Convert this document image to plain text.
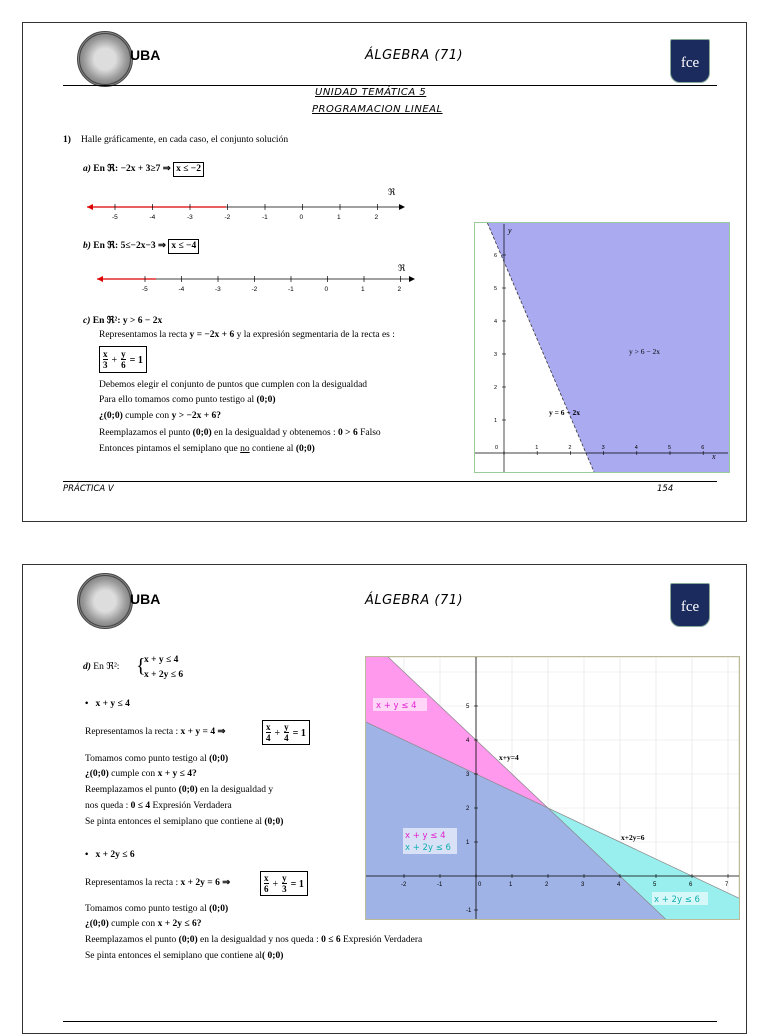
UBA	ÁLGEBRA (71)	fce
UNIDAD TEMÁTICA 5
PROGRAMACION LINEAL
1) Halle gráficamente, en cada caso, el conjunto solución
a) En ℜ: −2x + 3≥7 ⇒ x ≤ −2
ℜ
-5	-4	-3	-2	-1	0	1	2
b) En ℜ: 5≤−2x−3 ⇒ x ≤ −4
ℜ
-5	-4	-3	-2	-1	0	1	2
c) En ℜ²: y > 6 − 2x
Representamos la recta y = −2x + 6 y la expresión segmentaria de la recta es :
$\frac{x}{3} + \frac{y}{6} = 1$
Debemos elegir el conjunto de puntos que cumplen con la desigualdad
Para ello tomamos como punto testigo al (0;0)
¿(0;0) cumple con y > −2x + 6?
Reemplazamos el punto (0;0) en la desigualdad y obtenemos : 0 > 6 Falso
Entonces pintamos el semiplano que no contiene al (0;0)	0	1	2	3	4	5	6
1
2
3
4
5
6
y
x
y > 6 − 2x
y = 6 − 2x
PRÁCTICA V	154
UBA	ÁLGEBRA (71)	fce
d) En ℜ²: {
x + y ≤ 4
x + 2y ≤ 6
•   x + y ≤ 4
Representamos la recta : x + y = 4 ⇒	$\frac{x}{4} + \frac{y}{4} = 1$
Tomamos como punto testigo al (0;0)
¿(0;0) cumple con x + y ≤ 4?
Reemplazamos el punto (0;0) en la desigualdad y
nos queda : 0 ≤ 4 Expresión Verdadera
Se pinta entonces el semiplano que contiene al (0;0)
•   x + 2y ≤ 6
Representamos la recta : x + 2y = 6 ⇒	$\frac{x}{6} + \frac{y}{3} = 1$
Tomamos como punto testigo al (0;0)
¿(0;0) cumple con x + 2y ≤ 6?
Reemplazamos el punto (0;0) en la desigualdad y nos queda : 0 ≤ 6 Expresión Verdadera
Se pinta entonces el semiplano que contiene al( 0;0)
-2	-1	0	1	2	3	4	5	6	7
-1
1
2
3
4
5
x + y ≤ 4
x + y ≤ 4
x + 2y ≤ 6
x + 2y ≤ 6
x+y=4
x+2y=6
